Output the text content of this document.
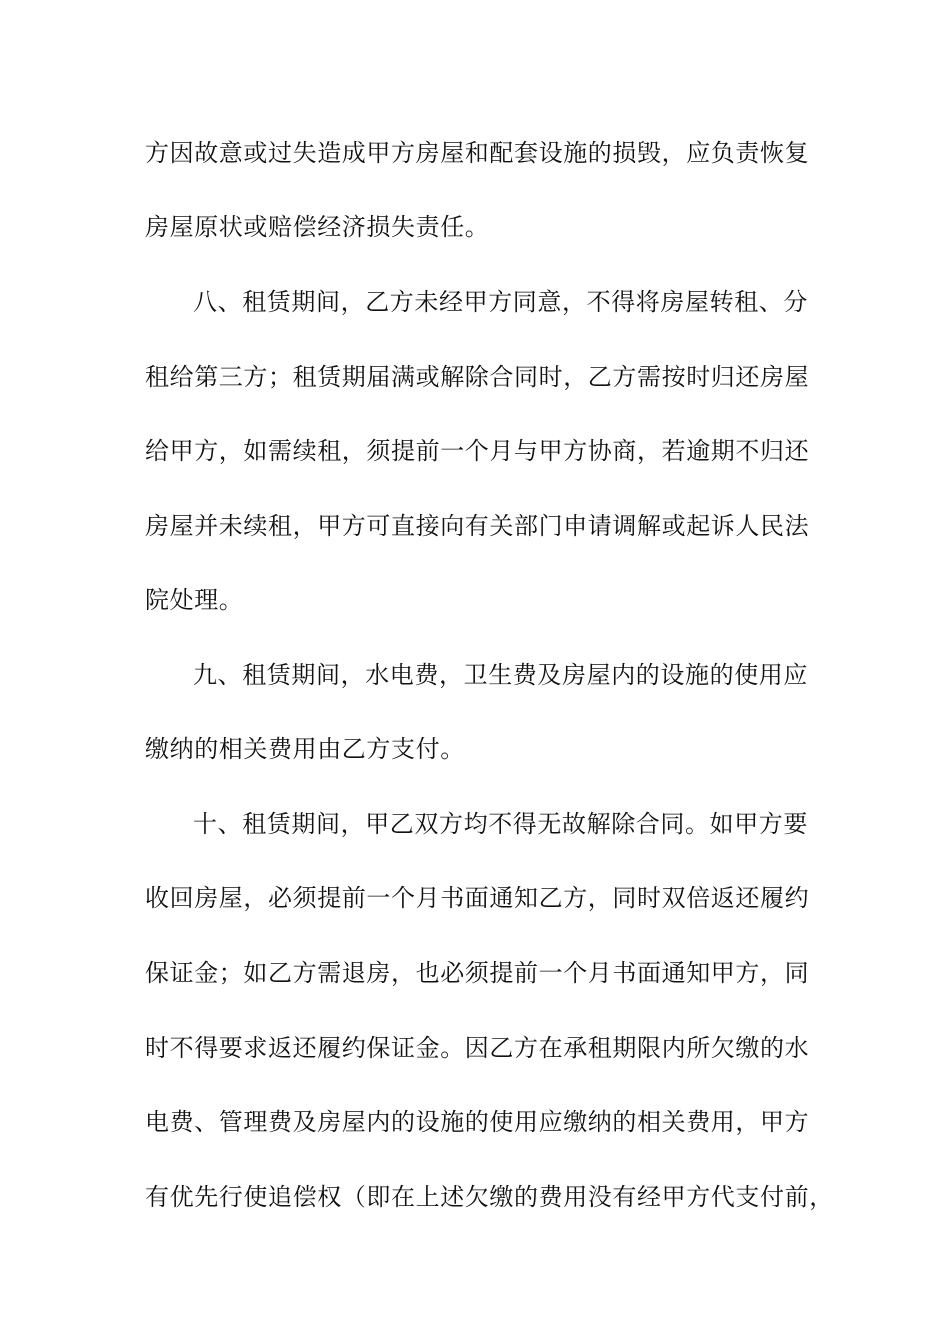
方因故意或过失造成甲方房屋和配套设施的损毁，应负责恢复
房屋原状或赔偿经济损失责任。
八、租赁期间，乙方未经甲方同意，不得将房屋转租、分
租给第三方；租赁期届满或解除合同时，乙方需按时归还房屋
给甲方，如需续租，须提前一个月与甲方协商，若逾期不归还
房屋并未续租，甲方可直接向有关部门申请调解或起诉人民法
院处理。
九、租赁期间，水电费，卫生费及房屋内的设施的使用应
缴纳的相关费用由乙方支付。
十、租赁期间，甲乙双方均不得无故解除合同。如甲方要
收回房屋，必须提前一个月书面通知乙方，同时双倍返还履约
保证金；如乙方需退房，也必须提前一个月书面通知甲方，同
时不得要求返还履约保证金。因乙方在承租期限内所欠缴的水
电费、管理费及房屋内的设施的使用应缴纳的相关费用，甲方
有优先行使追偿权（即在上述欠缴的费用没有经甲方代支付前，
